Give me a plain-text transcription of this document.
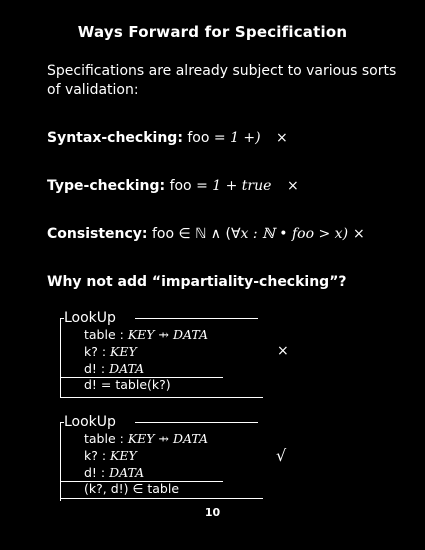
Ways Forward for Specification
Specifications are already subject to various sorts of validation:
Syntax-checking: foo = 1 +) ×
Type-checking: foo = 1 + true ×
Consistency: foo ∈ ℕ ∧ (∀x : ℕ • foo > x) ×
Why not add “impartiality-checking”?
LookUp
table : KEY ⇸ DATA
k? : KEY
d! : DATA
d! = table(k?)
×
LookUp
table : KEY ⇸ DATA
k? : KEY
d! : DATA
(k?, d!) ∈ table
√
10
